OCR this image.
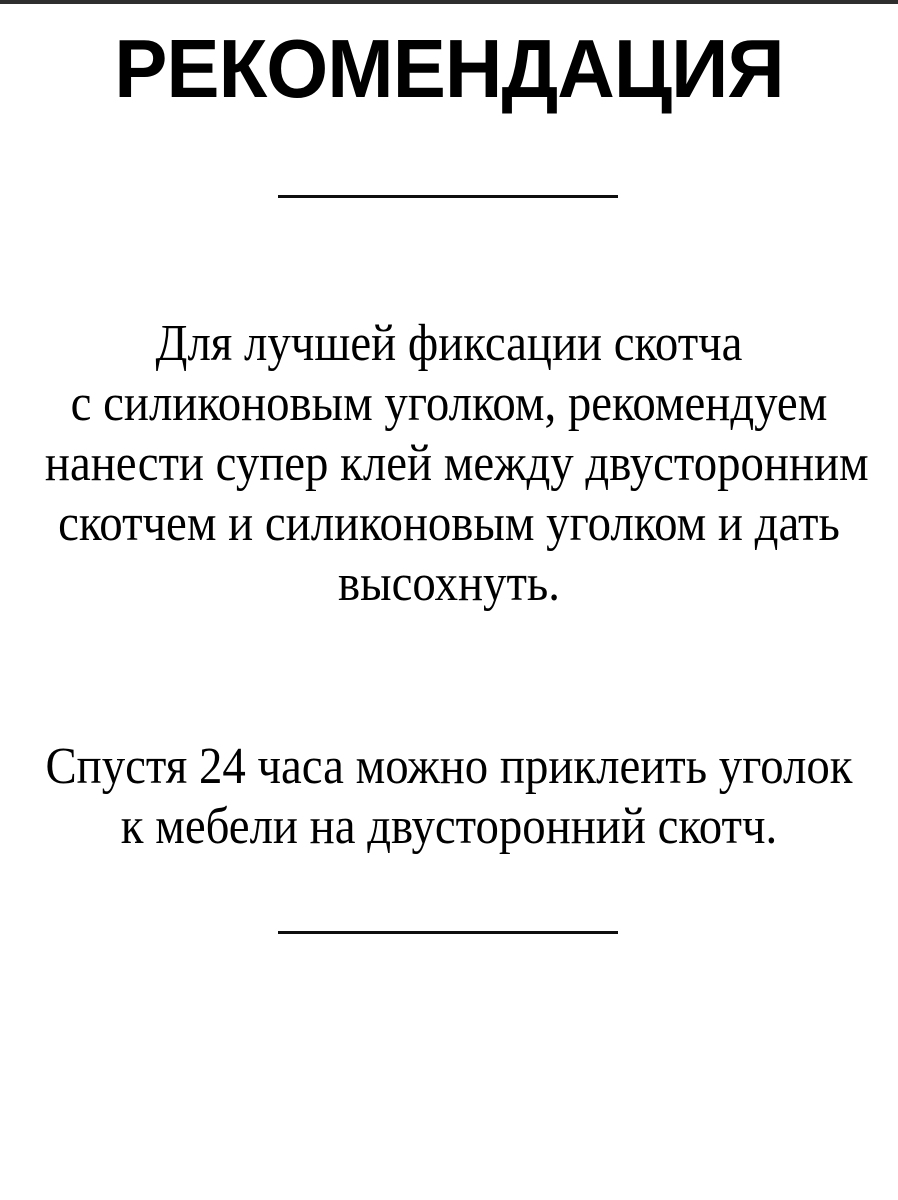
РЕКОМЕНДАЦИЯ
Для лучшей фиксации скотча
с силиконовым уголком, рекомендуем
нанести супер клей между двусторонним
скотчем и силиконовым уголком и дать
высохнуть.
Спустя 24 часа можно приклеить уголок
к мебели на двусторонний скотч.
